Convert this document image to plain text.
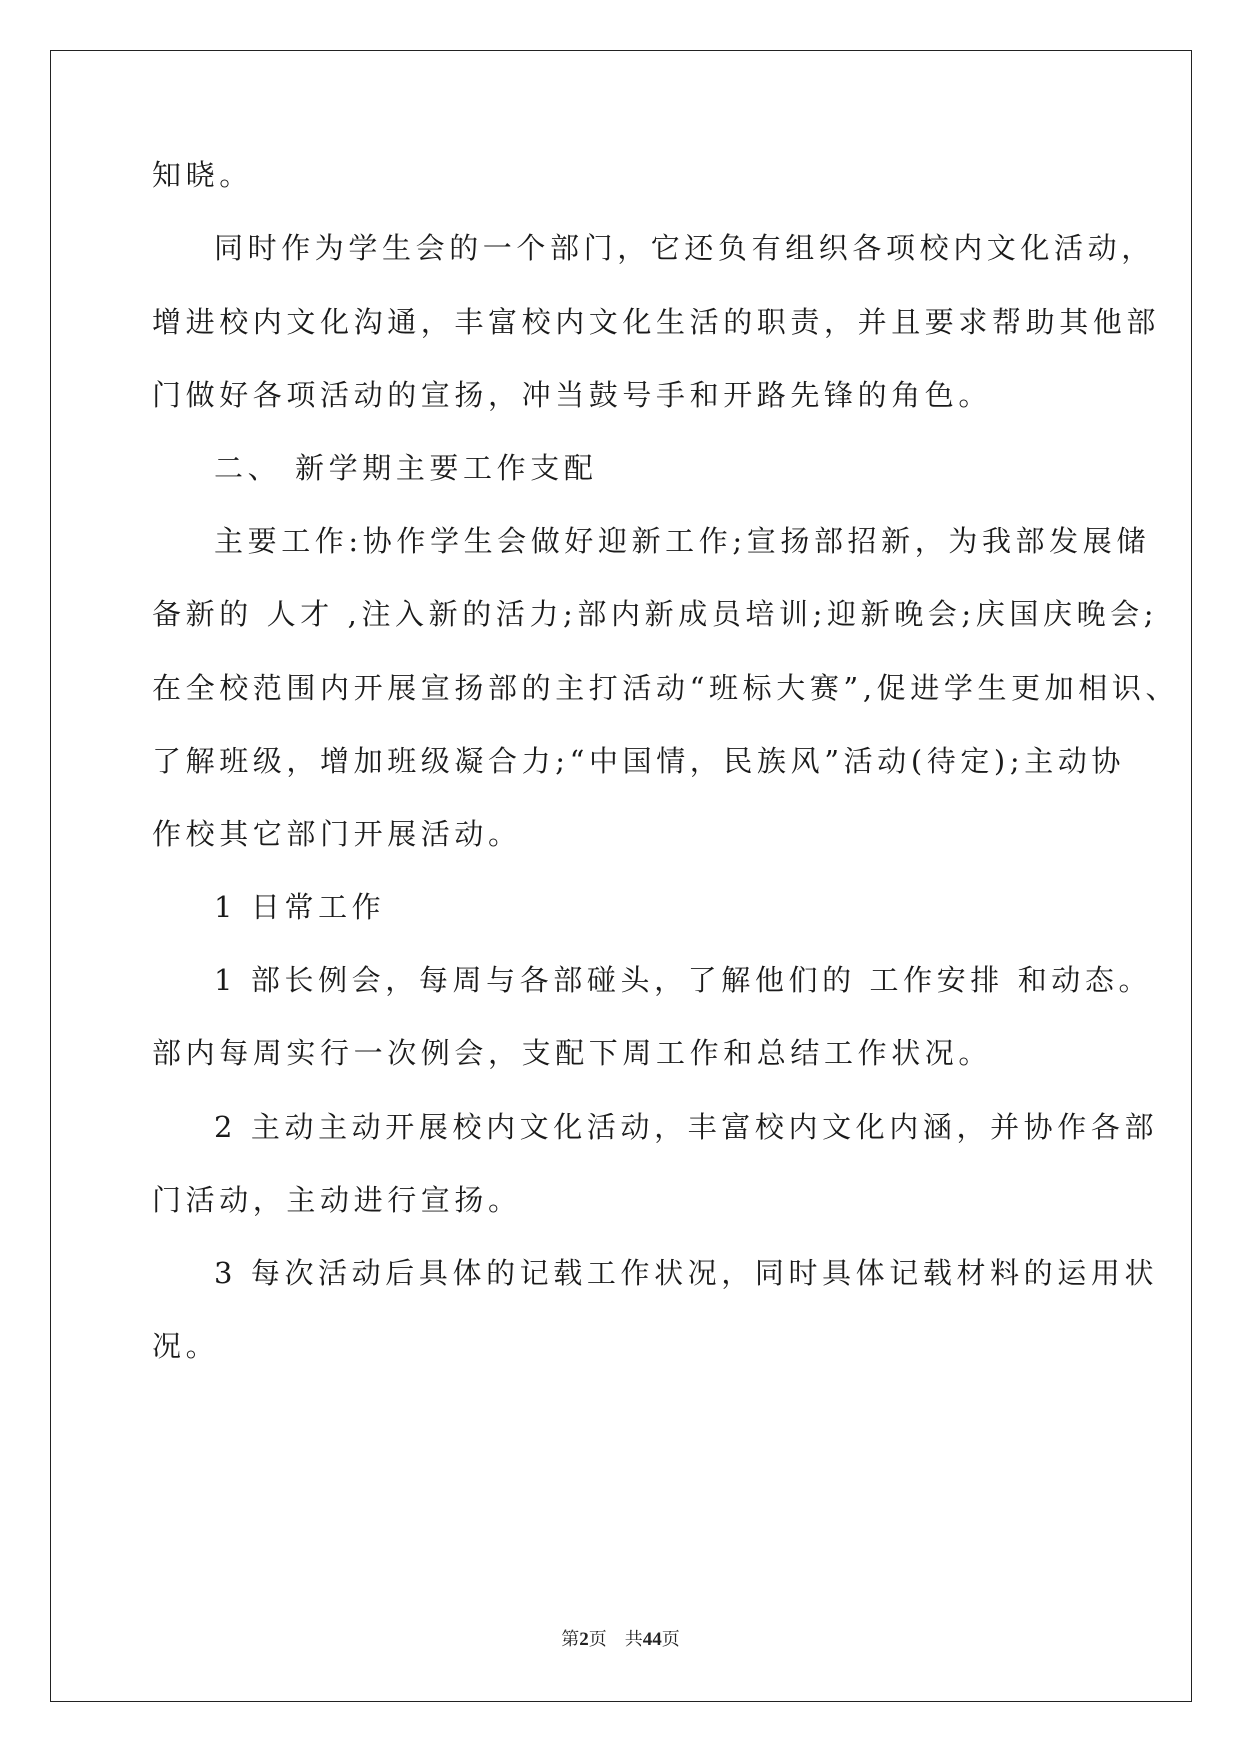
知晓。
同时作为学生会的一个部门，它还负有组织各项校内文化活动，
增进校内文化沟通，丰富校内文化生活的职责，并且要求帮助其他部
门做好各项活动的宣扬，冲当鼓号手和开路先锋的角色。
二、 新学期主要工作支配
主要工作:协作学生会做好迎新工作;宣扬部招新，为我部发展储
备新的 人才 ,注入新的活力;部内新成员培训;迎新晚会;庆国庆晚会;
在全校范围内开展宣扬部的主打活动“班标大赛”,促进学生更加相识、
了解班级，增加班级凝合力;“中国情，民族风”活动(待定);主动协
作校其它部门开展活动。
1 日常工作
1 部长例会，每周与各部碰头，了解他们的 工作安排 和动态。
部内每周实行一次例会，支配下周工作和总结工作状况。
2 主动主动开展校内文化活动，丰富校内文化内涵，并协作各部
门活动，主动进行宣扬。
3 每次活动后具体的记载工作状况，同时具体记载材料的运用状
况。
第2页 共44页
